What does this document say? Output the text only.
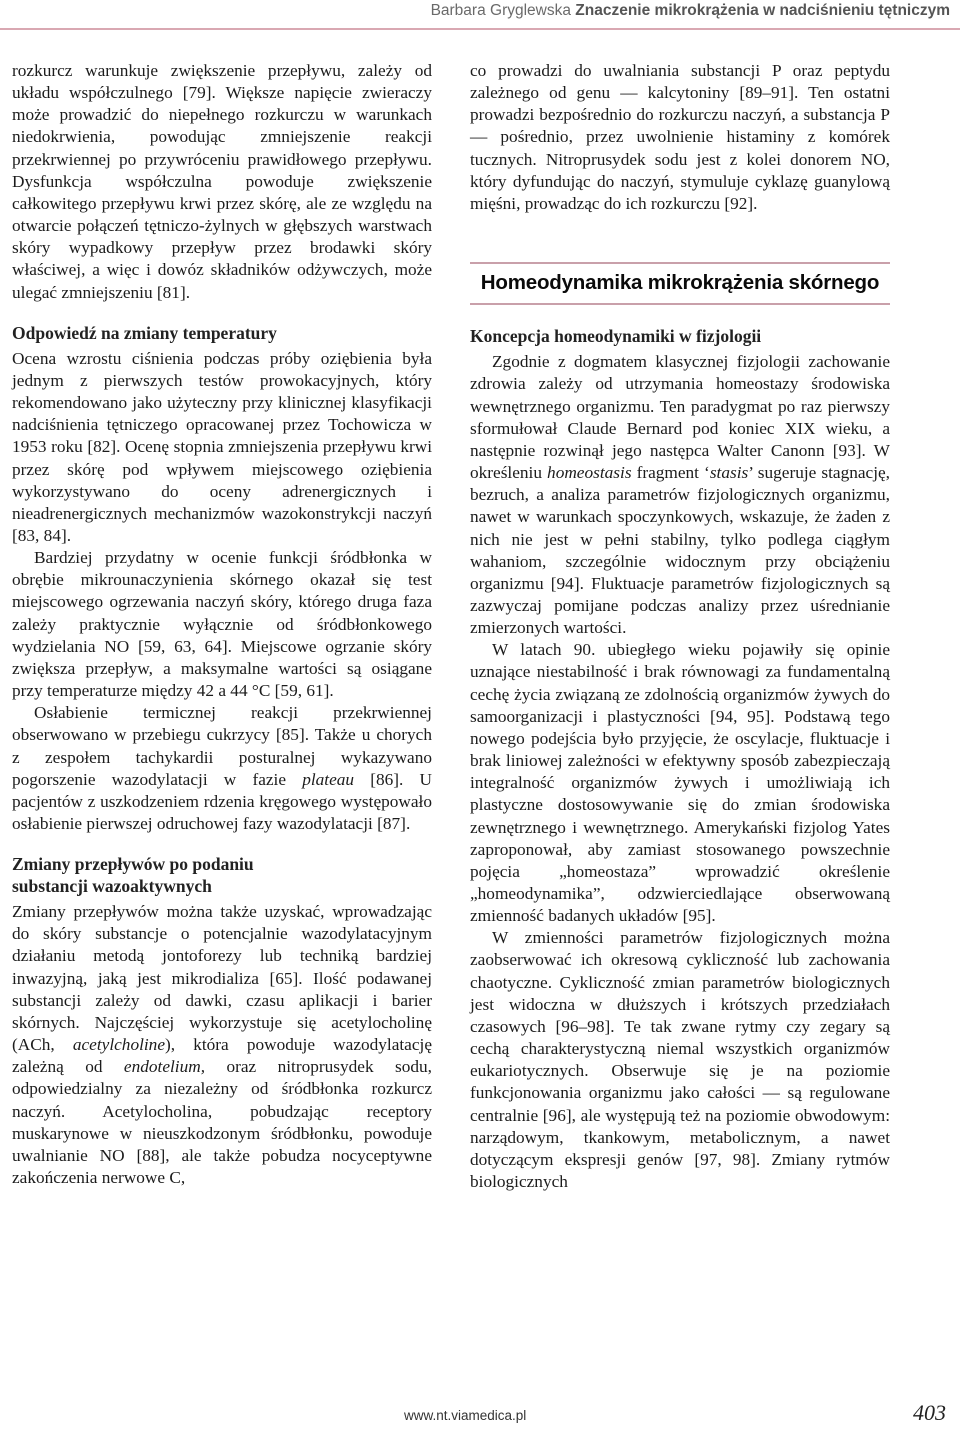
Barbara Gryglewska Znaczenie mikrokrążenia w nadciśnieniu tętniczym

rozkurcz warunkuje zwiększenie przepływu, zależy od układu współczulnego [79]. Większe napięcie zwieraczy może prowadzić do niepełnego rozkurczu w warunkach niedokrwienia, powodując zmniejszenie reakcji przekrwiennej po przywróceniu prawidłowego przepływu. Dysfunkcja współczulna powoduje zwiększenie całkowitego przepływu krwi przez skórę, ale ze względu na otwarcie połączeń tętniczo-żylnych w głębszych warstwach skóry wypadkowy przepływ przez brodawki skóry właściwej, a więc i dowóz składników odżywczych, może ulegać zmniejszeniu [81].

Odpowiedź na zmiany temperatury

Ocena wzrostu ciśnienia podczas próby oziębienia była jednym z pierwszych testów prowokacyjnych, który rekomendowano jako użyteczny przy klinicznej klasyfikacji nadciśnienia tętniczego opracowanej przez Tochowicza w 1953 roku [82]. Ocenę stopnia zmniejszenia przepływu krwi przez skórę pod wpływem miejscowego oziębienia wykorzystywano do oceny adrenergicznych i nieadrenergicznych mechanizmów wazokonstrykcji naczyń [83, 84].

Bardziej przydatny w ocenie funkcji śródbłonka w obrębie mikrounaczynienia skórnego okazał się test miejscowego ogrzewania naczyń skóry, którego druga faza zależy praktycznie wyłącznie od śródbłonkowego wydzielania NO [59, 63, 64]. Miejscowe ogrzanie skóry zwiększa przepływ, a maksymalne wartości są osiągane przy temperaturze między 42 a 44 °C [59, 61].

Osłabienie termicznej reakcji przekrwiennej obserwowano w przebiegu cukrzycy [85]. Także u chorych z zespołem tachykardii posturalnej wykazywano pogorszenie wazodylatacji w fazie plateau [86]. U pacjentów z uszkodzeniem rdzenia kręgowego występowało osłabienie pierwszej odruchowej fazy wazodylatacji [87].

Zmiany przepływów po podaniu
substancji wazoaktywnych

Zmiany przepływów można także uzyskać, wprowadzając do skóry substancje o potencjalnie wazodylatacyjnym działaniu metodą jontoforezy lub techniką bardziej inwazyjną, jaką jest mikrodializa [65]. Ilość podawanej substancji zależy od dawki, czasu aplikacji i barier skórnych. Najczęściej wykorzystuje się acetylocholinę (ACh, acetylcholine), która powoduje wazodylatację zależną od endotelium, oraz nitroprusydek sodu, odpowiedzialny za niezależny od śródbłonka rozkurcz naczyń. Acetylocholina, pobudzając receptory muskarynowe w nieuszkodzonym śródbłonku, powoduje uwalnianie NO [88], ale także pobudza nocyceptywne zakończenia nerwowe C,

co prowadzi do uwalniania substancji P oraz peptydu zależnego od genu — kalcytoniny [89–91]. Ten ostatni prowadzi bezpośrednio do rozkurczu naczyń, a substancja P — pośrednio, przez uwolnienie histaminy z komórek tucznych. Nitroprusydek sodu jest z kolei donorem NO, który dyfundując do naczyń, stymuluje cyklazę guanylową mięśni, prowadząc do ich rozkurczu [92].

Homeodynamika mikrokrążenia skórnego
Koncepcja homeodynamiki w fizjologii

Zgodnie z dogmatem klasycznej fizjologii zachowanie zdrowia zależy od utrzymania homeostazy środowiska wewnętrznego organizmu. Ten paradygmat po raz pierwszy sformułował Claude Bernard pod koniec XIX wieku, a następnie rozwinął jego następca Walter Canonn [93]. W określeniu homeostasis fragment ‘stasis’ sugeruje stagnację, bezruch, a analiza parametrów fizjologicznych organizmu, nawet w warunkach spoczynkowych, wskazuje, że żaden z nich nie jest w pełni stabilny, tylko podlega ciągłym wahaniom, szczególnie widocznym przy obciążeniu organizmu [94]. Fluktuacje parametrów fizjologicznych są zazwyczaj pomijane podczas analizy przez uśrednianie zmierzonych wartości.

W latach 90. ubiegłego wieku pojawiły się opinie uznające niestabilność i brak równowagi za fundamentalną cechę życia związaną ze zdolnością organizmów żywych do samoorganizacji i plastyczności [94, 95]. Podstawą tego nowego podejścia było przyjęcie, że oscylacje, fluktuacje i brak liniowej zależności w efektywny sposób zabezpieczają integralność organizmów żywych i umożliwiają ich plastyczne dostosowywanie się do zmian środowiska zewnętrznego i wewnętrznego. Amerykański fizjolog Yates zaproponował, aby zamiast stosowanego powszechnie pojęcia „homeostaza” wprowadzić określenie „homeodynamika”, odzwierciedlające obserwowaną zmienność badanych układów [95].

W zmienności parametrów fizjologicznych można zaobserwować ich okresową cykliczność lub zachowania chaotyczne. Cykliczność zmian parametrów biologicznych jest widoczna w dłuższych i krótszych przedziałach czasowych [96–98]. Te tak zwane rytmy czy zegary są cechą charakterystyczną niemal wszystkich organizmów eukariotycznych. Obserwuje się je na poziomie funkcjonowania organizmu jako całości — są regulowane centralnie [96], ale występują też na poziomie obwodowym: narządowym, tkankowym, metabolicznym, a nawet dotyczącym ekspresji genów [97, 98]. Zmiany rytmów biologicznych

www.nt.viamedica.pl	403
